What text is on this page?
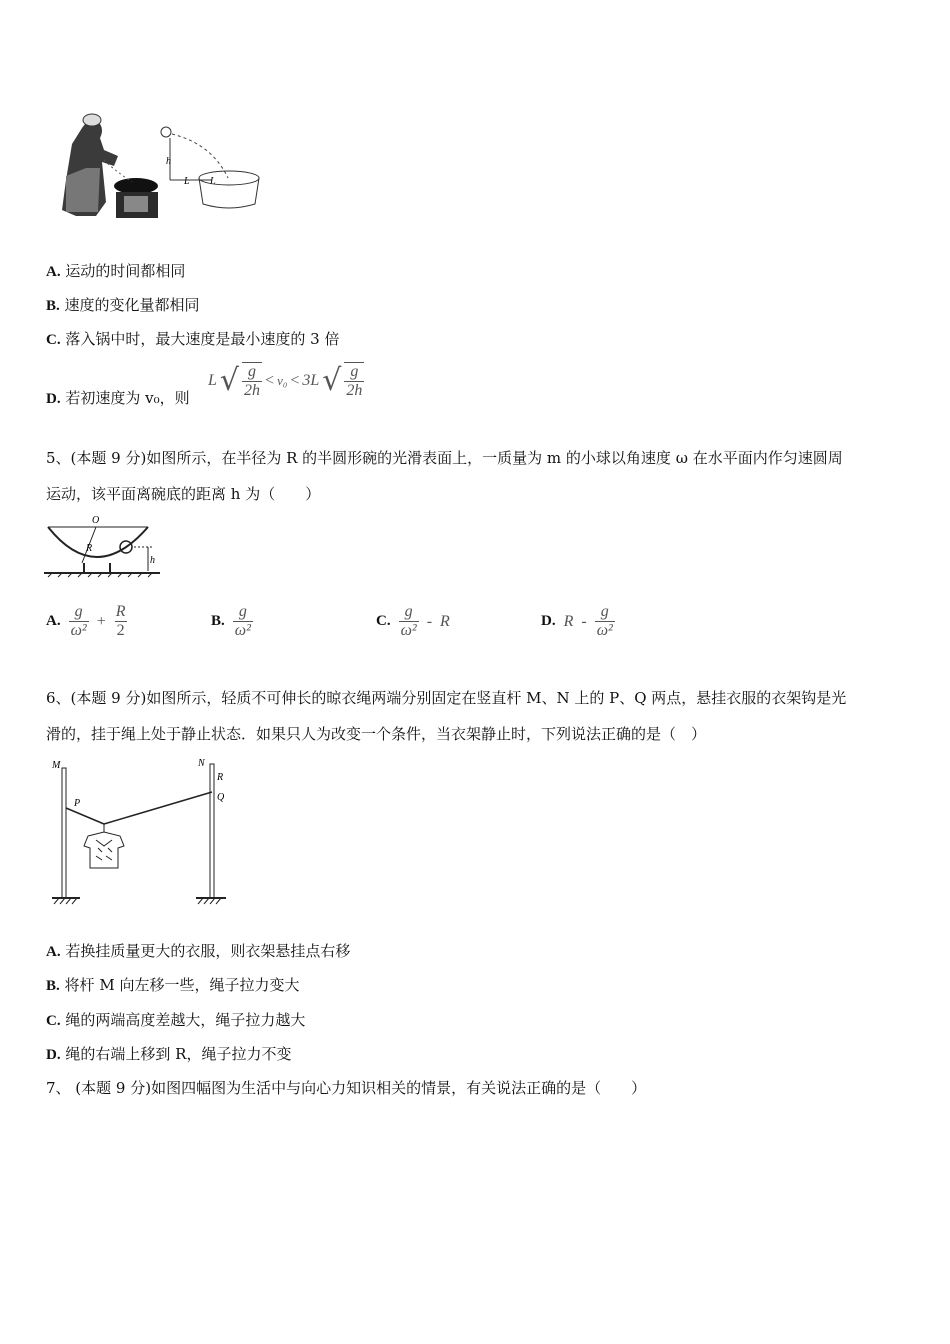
h
L L
A. 运动的时间都相同
B. 速度的变化量都相同
C. 落入锅中时，最大速度是最小速度的 3 倍
D. 若初速度为 v₀，则
L √ $\frac{g}{2h} < v_0 < 3L$ √ $\frac{g}{2h}$
5、(本题 9 分)如图所示，在半径为 R 的半圆形碗的光滑表面上，一质量为 m 的小球以角速度 ω 在水平面内作匀速圆周
运动，该平面离碗底的距离 h 为（　　）
O
R
h
A. $\frac{g}{\text{ω²}} + \frac{R}{2}$	B. $\frac{g}{\text{ω²}}$	C. $\frac{g}{\text{ω²}}$ - R	D. R - $\frac{g}{\text{ω²}}$
6、(本题 9 分)如图所示，轻质不可伸长的晾衣绳两端分别固定在竖直杆 M、N 上的 P、Q 两点，悬挂衣服的衣架钩是光
滑的，挂于绳上处于静止状态．如果只人为改变一个条件，当衣架静止时，下列说法正确的是（　）
M
P
N
R
Q
A. 若换挂质量更大的衣服，则衣架悬挂点右移
B. 将杆 M 向左移一些，绳子拉力变大
C. 绳的两端高度差越大，绳子拉力越大
D. 绳的右端上移到 R，绳子拉力不变
7、 (本题 9 分)如图四幅图为生活中与向心力知识相关的情景，有关说法正确的是（　　）
